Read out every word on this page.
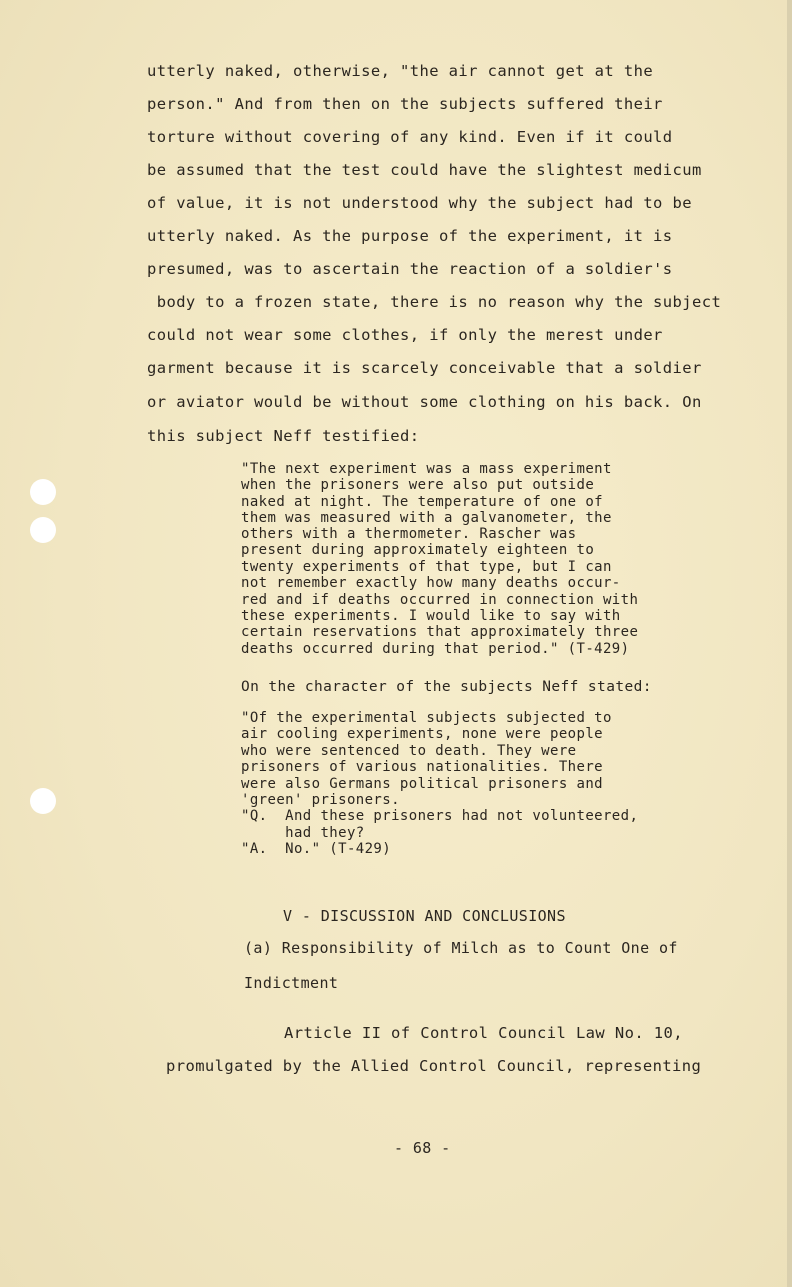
utterly naked, otherwise, "the air cannot get at the
person." And from then on the subjects suffered their
torture without covering of any kind. Even if it could
be assumed that the test could have the slightest medicum
of value, it is not understood why the subject had to be
utterly naked. As the purpose of the experiment, it is
presumed, was to ascertain the reaction of a soldier's
body to a frozen state, there is no reason why the subject
could not wear some clothes, if only the merest under
garment because it is scarcely conceivable that a soldier
or aviator would be without some clothing on his back. On
this subject Neff testified:
"The next experiment was a mass experiment
when the prisoners were also put outside
naked at night. The temperature of one of
them was measured with a galvanometer, the
others with a thermometer. Rascher was
present during approximately eighteen to
twenty experiments of that type, but I can
not remember exactly how many deaths occur-
red and if deaths occurred in connection with
these experiments. I would like to say with
certain reservations that approximately three
deaths occurred during that period." (T-429)
On the character of the subjects Neff stated:
"Of the experimental subjects subjected to
air cooling experiments, none were people
who were sentenced to death. They were
prisoners of various nationalities. There
were also Germans political prisoners and
'green' prisoners.
"Q.  And these prisoners had not volunteered,
had they?
"A.  No." (T-429)
V - DISCUSSION AND CONCLUSIONS
(a) Responsibility of Milch as to Count One of
Indictment
Article II of Control Council Law No. 10,
promulgated by the Allied Control Council, representing
- 68 -
